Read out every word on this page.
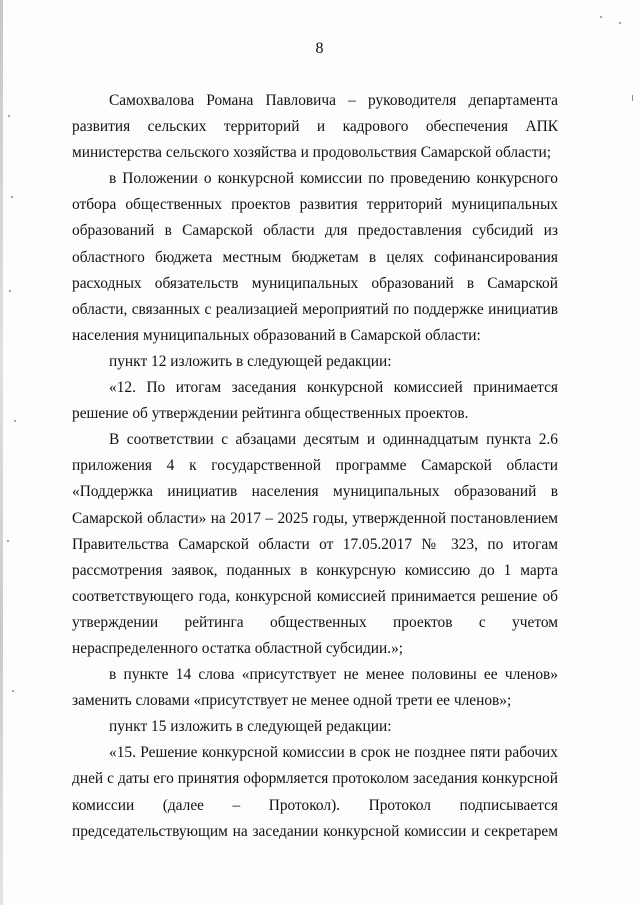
8

Самохвалова Романа Павловича – руководителя департамента развития сельских территорий и кадрового обеспечения АПК министерства сельского хозяйства и продовольствия Самарской области;

в Положении о конкурсной комиссии по проведению конкурсного отбора общественных проектов развития территорий муниципальных образований в Самарской области для предоставления субсидий из областного бюджета местным бюджетам в целях софинансирования расходных обязательств муниципальных образований в Самарской области, связанных с реализацией мероприятий по поддержке инициатив населения муниципальных образований в Самарской области:

пункт 12 изложить в следующей редакции:

«12. По итогам заседания конкурсной комиссией принимается решение об утверждении рейтинга общественных проектов.

В соответствии с абзацами десятым и одиннадцатым пункта 2.6 приложения 4 к государственной программе Самарской области «Поддержка инициатив населения муниципальных образований в Самарской области» на 2017 – 2025 годы, утвержденной постановлением Правительства Самарской области от 17.05.2017 № 323, по итогам рассмотрения заявок, поданных в конкурсную комиссию до 1 марта соответствующего года, конкурсной комиссией принимается решение об утверждении рейтинга общественных проектов с учетом нераспределенного остатка областной субсидии.»;

в пункте 14 слова «присутствует не менее половины ее членов» заменить словами «присутствует не менее одной трети ее членов»;

пункт 15 изложить в следующей редакции:

«15. Решение конкурсной комиссии в срок не позднее пяти рабочих дней с даты его принятия оформляется протоколом заседания конкурсной комиссии (далее – Протокол). Протокол подписывается председательствующим на заседании конкурсной комиссии и секретарем
